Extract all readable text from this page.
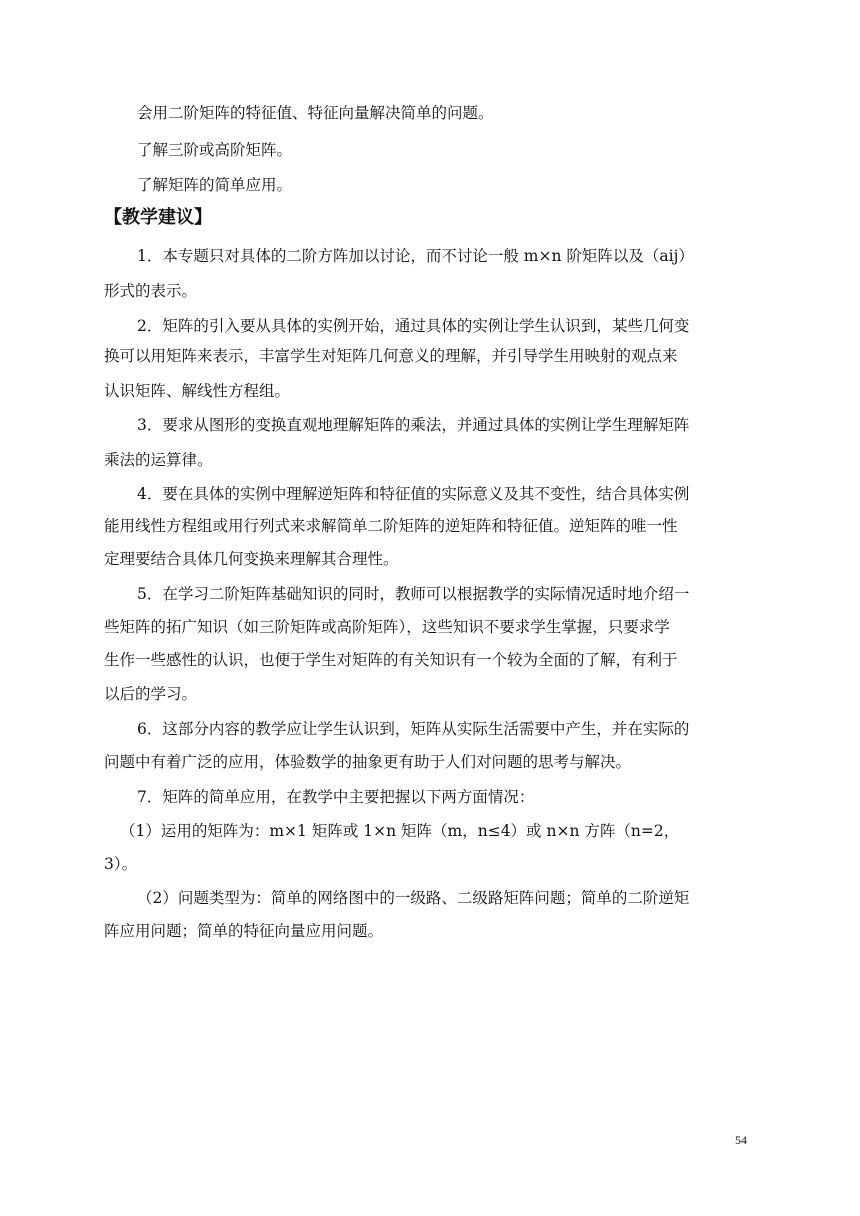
会用二阶矩阵的特征值、特征向量解决简单的问题。
了解三阶或高阶矩阵。
了解矩阵的简单应用。
【教学建议】
1．本专题只对具体的二阶方阵加以讨论，而不讨论一般 m×n 阶矩阵以及（aij）
形式的表示。
2．矩阵的引入要从具体的实例开始，通过具体的实例让学生认识到，某些几何变
换可以用矩阵来表示，丰富学生对矩阵几何意义的理解，并引导学生用映射的观点来
认识矩阵、解线性方程组。
3．要求从图形的变换直观地理解矩阵的乘法，并通过具体的实例让学生理解矩阵
乘法的运算律。
4．要在具体的实例中理解逆矩阵和特征值的实际意义及其不变性，结合具体实例
能用线性方程组或用行列式来求解简单二阶矩阵的逆矩阵和特征值。逆矩阵的唯一性
定理要结合具体几何变换来理解其合理性。
5．在学习二阶矩阵基础知识的同时，教师可以根据教学的实际情况适时地介绍一
些矩阵的拓广知识（如三阶矩阵或高阶矩阵），这些知识不要求学生掌握，只要求学
生作一些感性的认识，也便于学生对矩阵的有关知识有一个较为全面的了解，有利于
以后的学习。
6．这部分内容的教学应让学生认识到，矩阵从实际生活需要中产生，并在实际的
问题中有着广泛的应用，体验数学的抽象更有助于人们对问题的思考与解决。
7．矩阵的简单应用，在教学中主要把握以下两方面情况：
（1）运用的矩阵为：m×1 矩阵或 1×n 矩阵（m，n≤4）或 n×n 方阵（n=2，
3）。
（2）问题类型为：简单的网络图中的一级路、二级路矩阵问题；简单的二阶逆矩
阵应用问题；简单的特征向量应用问题。
54
